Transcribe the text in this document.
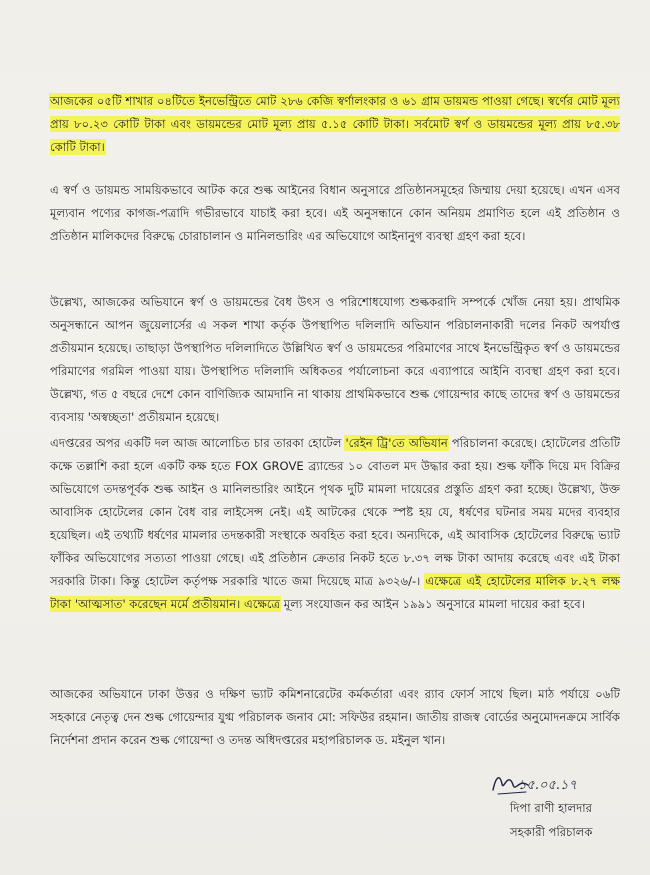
আজকের ০৫টি শাখার ০৪টিতে ইনভেন্ট্রিতে মোট ২৮৬ কেজি স্বর্ণালংকার ও ৬১ গ্রাম ডায়মন্ড পাওয়া গেছে। স্বর্ণের মোট মূল্য প্রায় ৮০.২৩ কোটি টাকা এবং ডায়মন্ডের মোট মূল্য প্রায় ৫.১৫ কোটি টাকা। সর্বমোট স্বর্ণ ও ডায়মন্ডের মূল্য প্রায় ৮৫.৩৮ কোটি টাকা।

এ স্বর্ণ ও ডায়মন্ড সাময়িকভাবে আটক করে শুল্ক আইনের বিধান অনুসারে প্রতিষ্ঠানসমূহের জিম্মায় দেয়া হয়েছে। এখন এসব মূল্যবান পণ্যের কাগজ-পত্রাদি গভীরভাবে যাচাই করা হবে। এই অনুসন্ধানে কোন অনিয়ম প্রমাণিত হলে এই প্রতিষ্ঠান ও প্রতিষ্ঠান মালিকদের বিরুদ্ধে চোরাচালান ও মানিলন্ডারিং এর অভিযোগে আইনানুগ ব্যবস্থা গ্রহণ করা হবে।

উল্লেখ্য, আজকের অভিযানে স্বর্ণ ও ডায়মন্ডের বৈধ উৎস ও পরিশোধযোগ্য শুল্ককরাদি সম্পর্কে খোঁজ নেয়া হয়। প্রাথমিক অনুসন্ধানে আপন জুয়েলার্সের এ সকল শাখা কর্তৃক উপস্থাপিত দলিলাদি অভিযান পরিচালনাকারী দলের নিকট অপর্যাপ্ত প্রতীয়মান হয়েছে। তাছাড়া উপস্থাপিত দলিলাদিতে উল্লিখিত স্বর্ণ ও ডায়মন্ডের পরিমাণের সাথে ইনভেন্ট্রিকৃত স্বর্ণ ও ডায়মন্ডের পরিমাণের গরমিল পাওয়া যায়। উপস্থাপিত দলিলাদি অধিকতর পর্যালোচনা করে এব্যাপারে আইনি ব্যবস্থা গ্রহণ করা হবে। উল্লেখ্য, গত ৫ বছরে দেশে কোন বাণিজ্যিক আমদানি না থাকায় প্রাথমিকভাবে শুল্ক গোয়েন্দার কাছে তাদের স্বর্ণ ও ডায়মন্ডের ব্যবসায় 'অস্বচ্ছতা' প্রতীয়মান হয়েছে।

এদপ্তরের অপর একটি দল আজ আলোচিত চার তারকা হোটেল 'রেইন ট্রি'তে অভিযান পরিচালনা করেছে। হোটেলের প্রতিটি কক্ষে তল্লাশি করা হলে একটি কক্ষ হতে FOX GROVE ব্র্যান্ডের ১০ বোতল মদ উদ্ধার করা হয়। শুল্ক ফাঁকি দিয়ে মদ বিক্রির অভিযোগে তদন্তপূর্বক শুল্ক আইন ও মানিলন্ডারিং আইনে পৃথক দুটি মামলা দায়েরের প্রস্তুতি গ্রহণ করা হচ্ছে। উল্লেখ্য, উক্ত আবাসিক হোটেলের কোন বৈধ বার লাইসেন্স নেই। এই আটকের থেকে স্পষ্ট হয় যে, ধর্ষণের ঘটনার সময় মদের ব্যবহার হয়েছিল। এই তথ্যটি ধর্ষণের মামলার তদন্তকারী সংস্থাকে অবহিত করা হবে। অন্যদিকে, এই আবাসিক হোটেলের বিরুদ্ধে ভ্যাট ফাঁকির অভিযোগের সত্যতা পাওয়া গেছে। এই প্রতিষ্ঠান ক্রেতার নিকট হতে ৮.৩৭ লক্ষ টাকা আদায় করেছে এবং এই টাকা সরকারি টাকা। কিন্তু হোটেল কর্তৃপক্ষ সরকারি খাতে জমা দিয়েছে মাত্র ৯৩২৬/-। এক্ষেত্রে এই হোটেলের মালিক ৮.২৭ লক্ষ টাকা 'আত্মসাত' করেছেন মর্মে প্রতীয়মান। এক্ষেত্রে মূল্য সংযোজন কর আইন ১৯৯১ অনুসারে মামলা দায়ের করা হবে।

আজকের অভিযানে ঢাকা উত্তর ও দক্ষিণ ভ্যাট কমিশনারেটের কর্মকর্তারা এবং র‍্যাব ফোর্স সাথে ছিল। মাঠ পর্যায়ে ০৬টি সহকারে নেতৃত্ব দেন শুল্ক গোয়েন্দার যুগ্ম পরিচালক জনাব মো: সফিউর রহমান। জাতীয় রাজস্ব বোর্ডের অনুমোদনক্রমে সার্বিক নির্দেশনা প্রদান করেন শুল্ক গোয়েন্দা ও তদন্ত অধিদপ্তরের মহাপরিচালক ড. মইনুল খান।

১৫.০৫.১৭
দিপা রাণী হালদার
সহকারী পরিচালক
